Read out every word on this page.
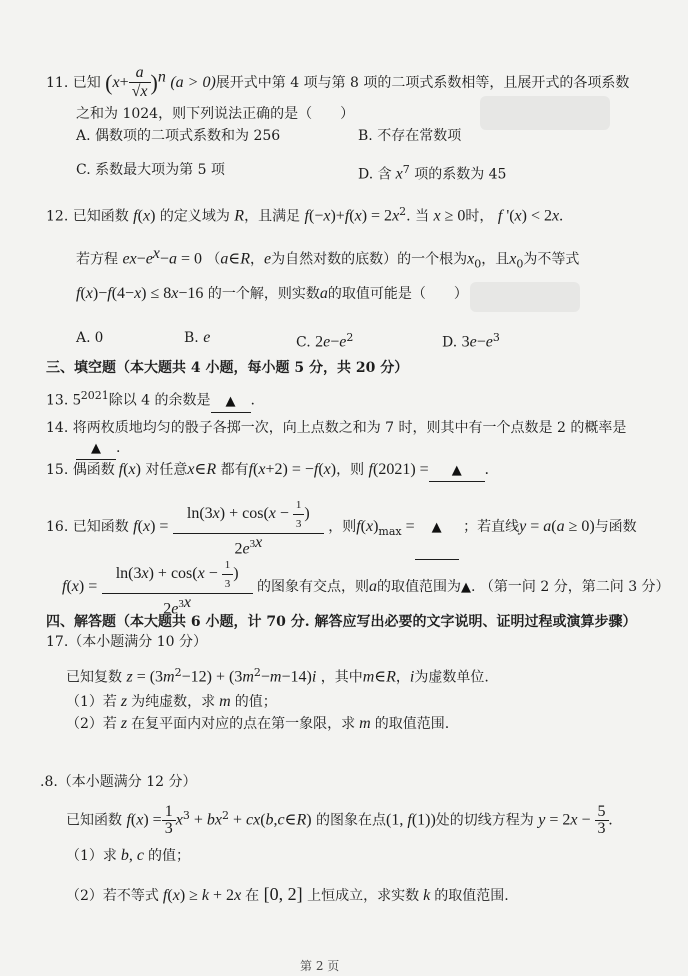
11. 已知 $(x+ \frac{a}{√x} )^n$ (a > 0)展开式中第 4 项与第 8 项的二项式系数相等，且展开式的各项系数
之和为 1024，则下列说法正确的是（　　）
A. 偶数项的二项式系数和为 256	B. 不存在常数项
C. 系数最大项为第 5 项	D. 含 $x^7$ 项的系数为 45
12. 已知函数 f(x) 的定义域为 R，且满足 $f(-x)+f(x) = 2x^2$. 当 x ≥ 0时， f '(x) < 2x.
若方程 $ex-e^x-a = 0$ （a∈R，e为自然对数的底数）的一个根为$x_0$，且$x_0$为不等式
f(x)−f(4−x) ≤ 8x−16 的一个解，则实数a的取值可能是（　　）
A. 0	B. e	C. $2e-e^2$	D. $3e-e^3$
三、填空题（本大题共 4 小题，每小题 5 分，共 20 分）
13. $5^{2021}$除以 4 的余数是 ▲ .
14. 将两枚质地均匀的骰子各掷一次，向上点数之和为 7 时，则其中有一个点数是 2 的概率是
▲ .
15. 偶函数 f(x) 对任意x∈R 都有f(x+2) = −f(x)，则 f(2021) = ▲ .
16. 已知函数 $f(x) = \frac{\ln(3x) + \cos(x - \frac{1}{3} )}{2e^{3x}}$ ，则$f(x)_{max}$ = ▲ ；若直线y = a(a ≥ 0)与函数
$f(x) = \frac{\ln(3x) + \cos(x - \frac{1}{3} )}{2e^{3x}}$ 的图象有交点，则a的取值范围为▲. （第一问 2 分，第二问 3 分）
四、解答题（本大题共 6 小题，计 70 分. 解答应写出必要的文字说明、证明过程或演算步骤）
17.（本小题满分 10 分）
已知复数 $z = (3m^2-12) + (3m^2-m-14)i$ ，其中m∈R，i为虚数单位.
（1）若 z 为纯虚数，求 m 的值；
（2）若 z 在复平面内对应的点在第一象限，求 m 的取值范围.
.8.（本小题满分 12 分）
已知函数 $f(x) = \frac{1}{3} x^3 + bx^2$ + cx(b,c∈R) 的图象在点(1, f(1))处的切线方程为 $y = 2x - \frac{5}{3}$ .
（1）求 b, c 的值；
（2）若不等式 f(x) ≥ k + 2x 在 [0, 2] 上恒成立，求实数 k 的取值范围.
第 2 页
